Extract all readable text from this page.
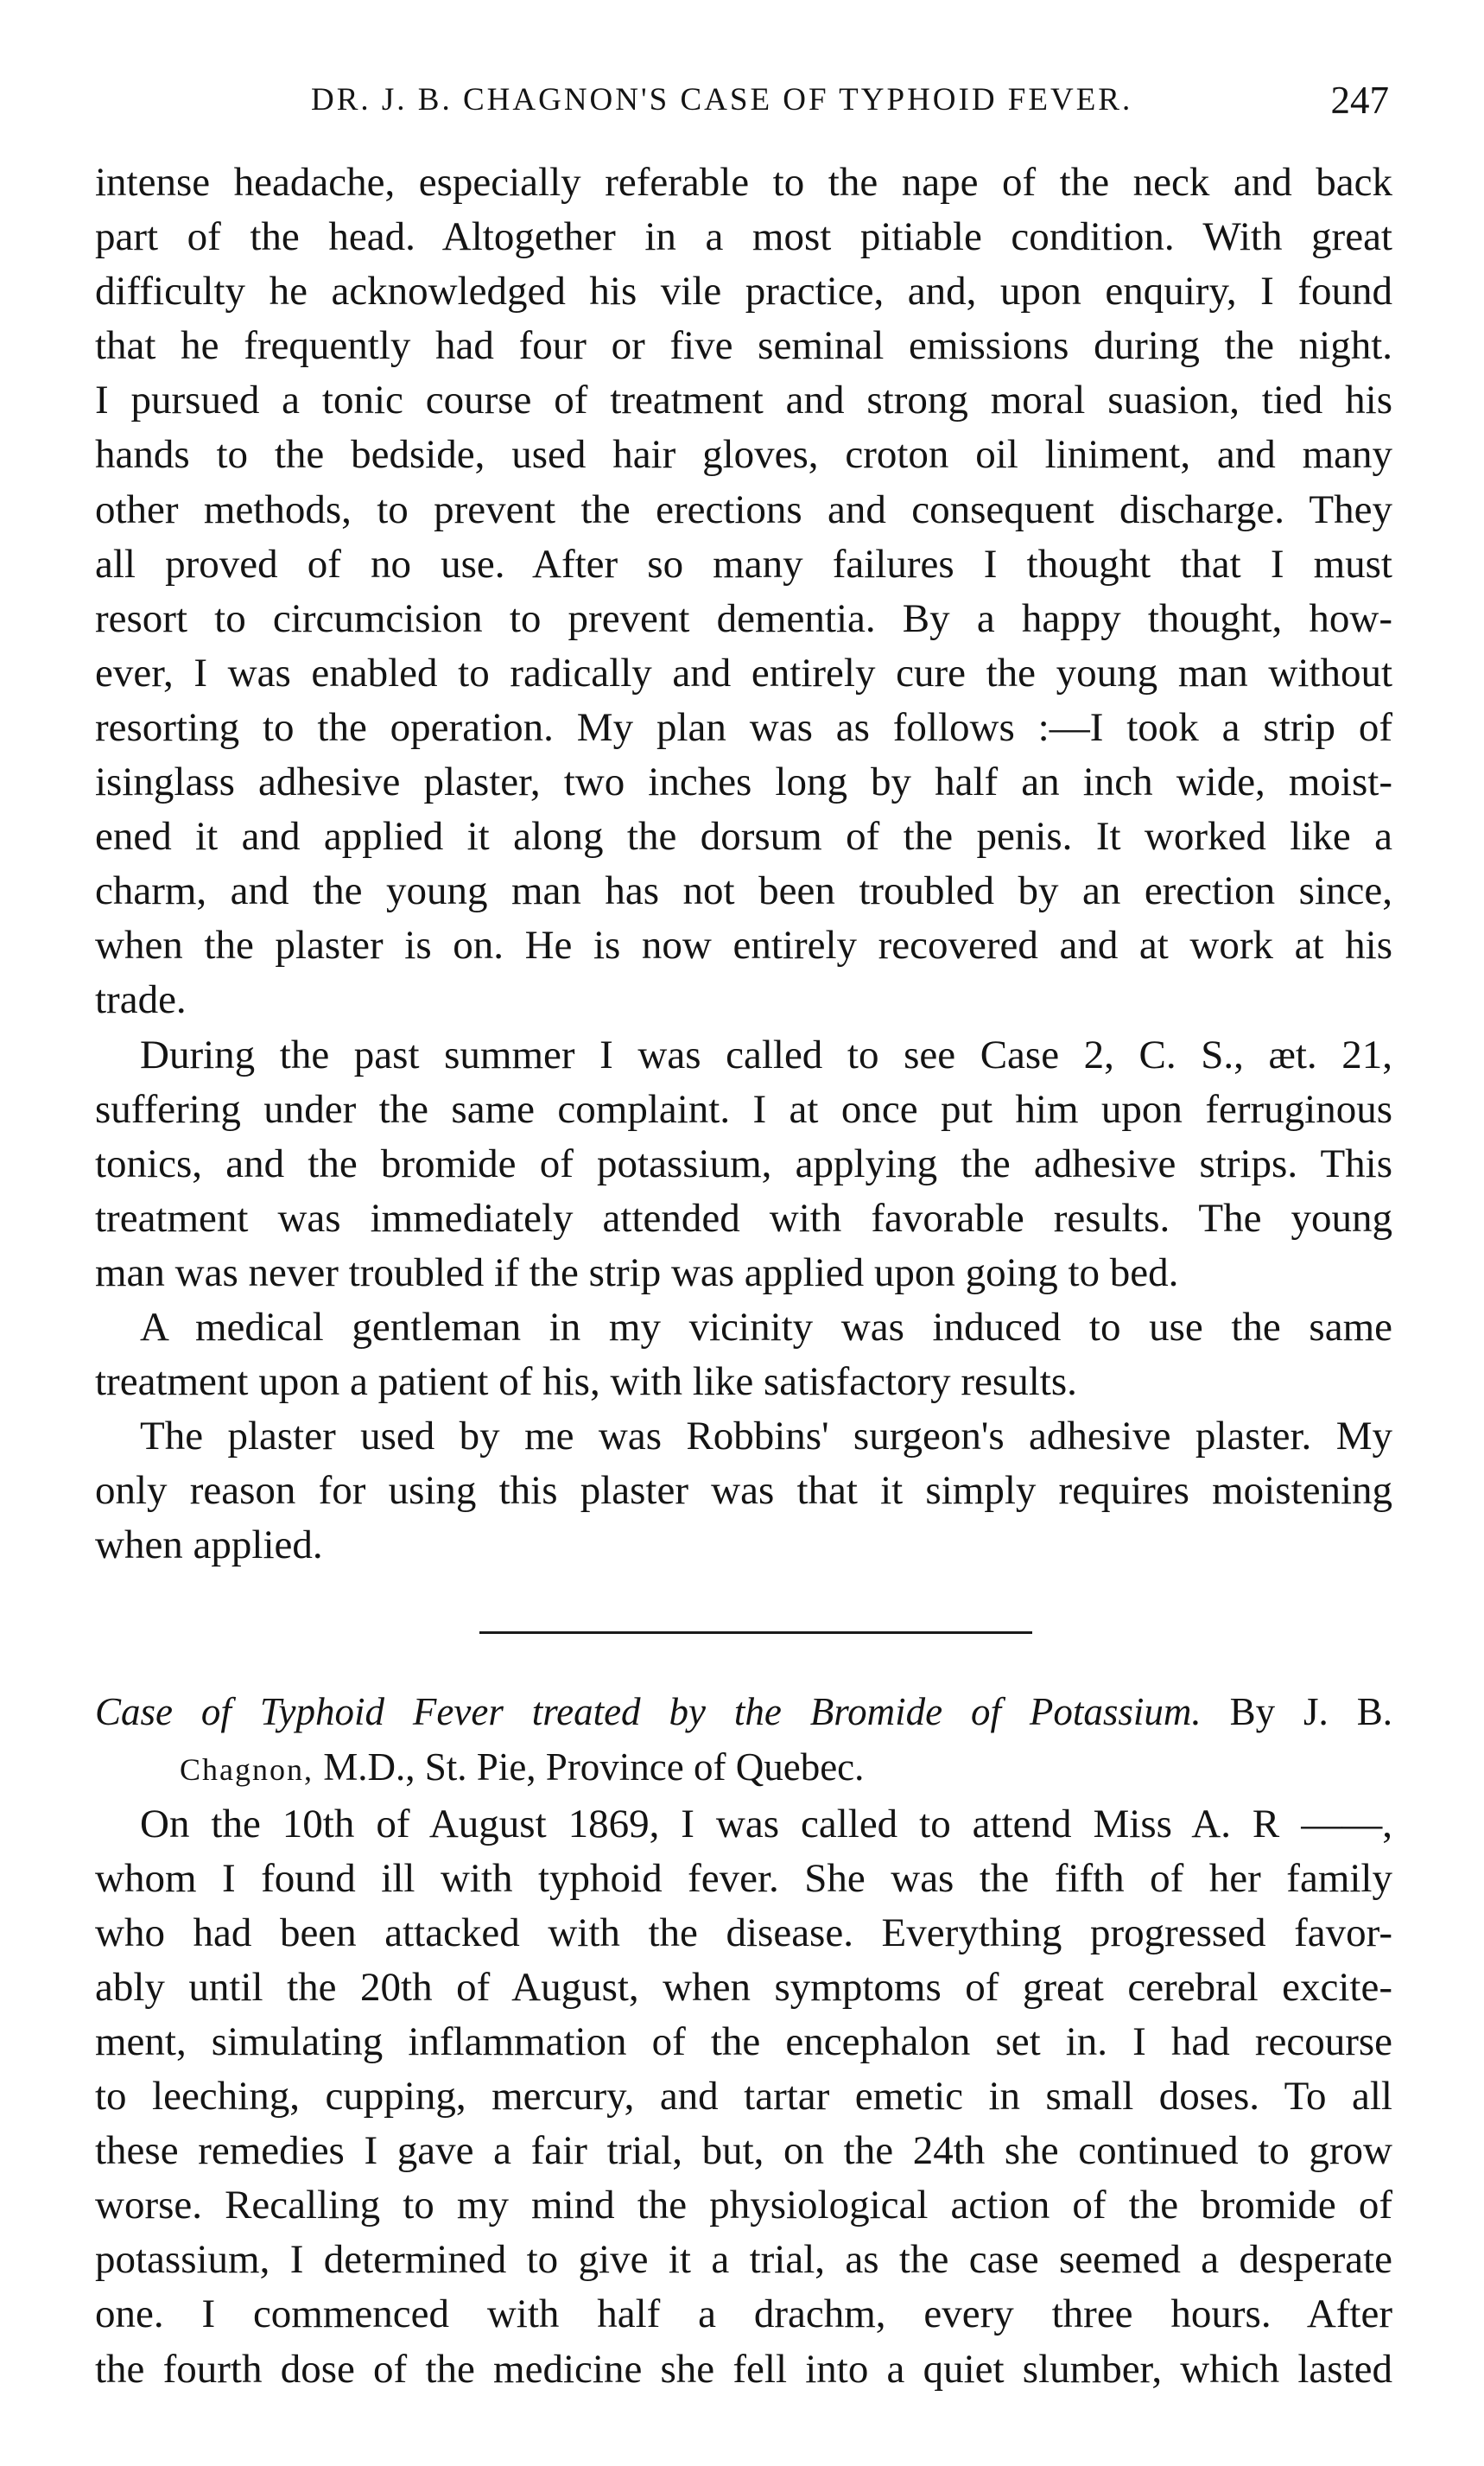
DR. J. B. CHAGNON'S CASE OF TYPHOID FEVER.	247

intense headache, especially referable to the nape of the neck and back

part of the head. Altogether in a most pitiable condition. With great

difficulty he acknowledged his vile practice, and, upon enquiry, I found

that he frequently had four or five seminal emissions during the night.

I pursued a tonic course of treatment and strong moral suasion, tied his

hands to the bedside, used hair gloves, croton oil liniment, and many

other methods, to prevent the erections and consequent discharge. They

all proved of no use. After so many failures I thought that I must

resort to circumcision to prevent dementia. By a happy thought, how-

ever, I was enabled to radically and entirely cure the young man without

resorting to the operation. My plan was as follows :—I took a strip of

isinglass adhesive plaster, two inches long by half an inch wide, moist-

ened it and applied it along the dorsum of the penis. It worked like a

charm, and the young man has not been troubled by an erection since,

when the plaster is on. He is now entirely recovered and at work at his

trade.

During the past summer I was called to see Case 2, C. S., æt. 21,

suffering under the same complaint. I at once put him upon ferruginous

tonics, and the bromide of potassium, applying the adhesive strips. This

treatment was immediately attended with favorable results. The young

man was never troubled if the strip was applied upon going to bed.

A medical gentleman in my vicinity was induced to use the same

treatment upon a patient of his, with like satisfactory results.

The plaster used by me was Robbins' surgeon's adhesive plaster. My

only reason for using this plaster was that it simply requires moistening

when applied.

Case of Typhoid Fever treated by the Bromide of Potassium. By J. B.
Chagnon, M.D., St. Pie, Province of Quebec.

On the 10th of August 1869, I was called to attend Miss A. R ——,

whom I found ill with typhoid fever. She was the fifth of her family

who had been attacked with the disease. Everything progressed favor-

ably until the 20th of August, when symptoms of great cerebral excite-

ment, simulating inflammation of the encephalon set in. I had recourse

to leeching, cupping, mercury, and tartar emetic in small doses. To all

these remedies I gave a fair trial, but, on the 24th she continued to grow

worse. Recalling to my mind the physiological action of the bromide of

potassium, I determined to give it a trial, as the case seemed a desperate

one. I commenced with half a drachm, every three hours. After

the fourth dose of the medicine she fell into a quiet slumber, which lasted
